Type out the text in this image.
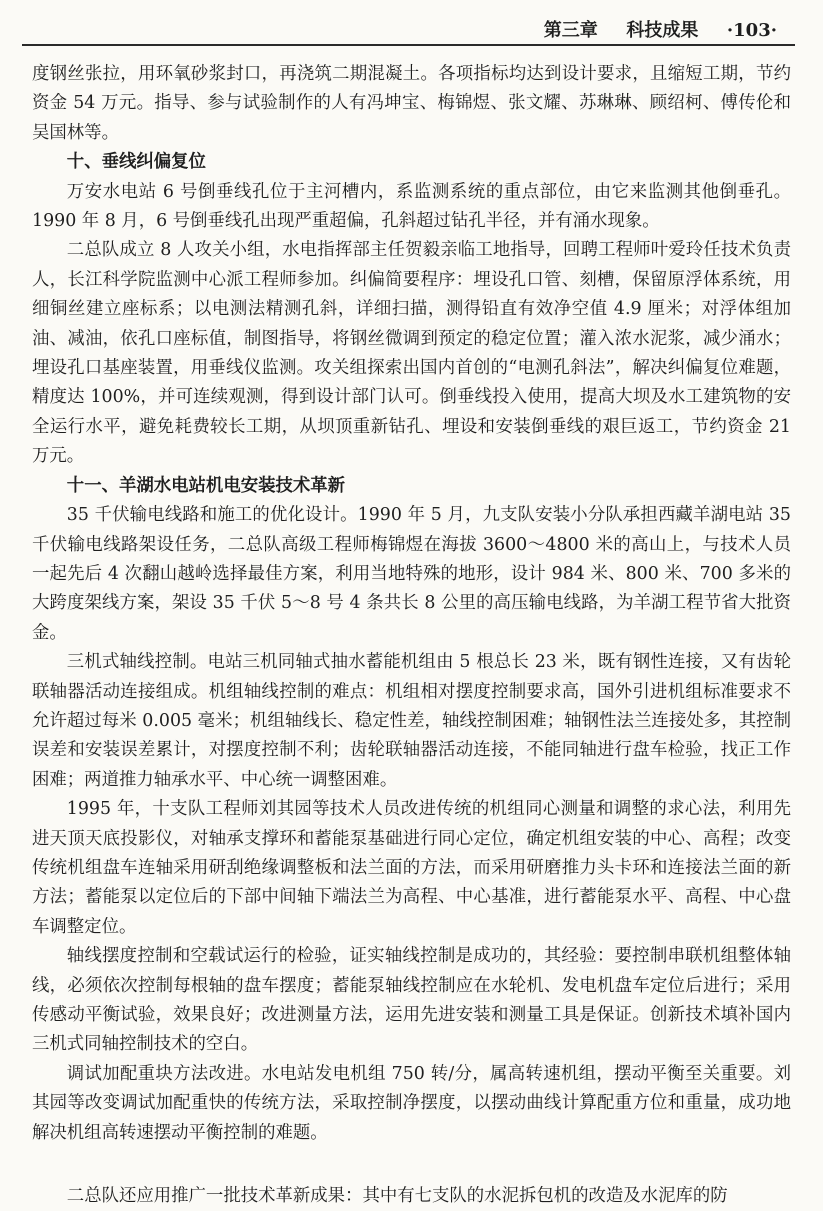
第三章 科技成果 ·103·

度钢丝张拉，用环氧砂浆封口，再浇筑二期混凝土。各项指标均达到设计要求，且缩短工期，节约资金 54 万元。指导、参与试验制作的人有冯坤宝、梅锦煜、张文耀、苏琳琳、顾绍柯、傅传伦和吴国林等。

十、垂线纠偏复位

万安水电站 6 号倒垂线孔位于主河槽内，系监测系统的重点部位，由它来监测其他倒垂孔。1990 年 8 月，6 号倒垂线孔出现严重超偏，孔斜超过钻孔半径，并有涌水现象。

二总队成立 8 人攻关小组，水电指挥部主任贺毅亲临工地指导，回聘工程师叶爱玲任技术负责人，长江科学院监测中心派工程师参加。纠偏简要程序：埋设孔口管、刻槽，保留原浮体系统，用细铜丝建立座标系；以电测法精测孔斜，详细扫描，测得铅直有效净空值 4.9 厘米；对浮体组加油、减油，依孔口座标值，制图指导，将钢丝微调到预定的稳定位置；灌入浓水泥浆，减少涌水；埋设孔口基座装置，用垂线仪监测。攻关组探索出国内首创的“电测孔斜法”，解决纠偏复位难题，精度达 100%，并可连续观测，得到设计部门认可。倒垂线投入使用，提高大坝及水工建筑物的安全运行水平，避免耗费较长工期，从坝顶重新钻孔、埋设和安装倒垂线的艰巨返工，节约资金 21 万元。

十一、羊湖水电站机电安装技术革新

35 千伏输电线路和施工的优化设计。1990 年 5 月，九支队安装小分队承担西藏羊湖电站 35 千伏输电线路架设任务，二总队高级工程师梅锦煜在海拔 3600～4800 米的高山上，与技术人员一起先后 4 次翻山越岭选择最佳方案，利用当地特殊的地形，设计 984 米、800 米、700 多米的大跨度架线方案，架设 35 千伏 5～8 号 4 条共长 8 公里的高压输电线路，为羊湖工程节省大批资金。

三机式轴线控制。电站三机同轴式抽水蓄能机组由 5 根总长 23 米，既有钢性连接，又有齿轮联轴器活动连接组成。机组轴线控制的难点：机组相对摆度控制要求高，国外引进机组标准要求不允许超过每米 0.005 毫米；机组轴线长、稳定性差，轴线控制困难；轴钢性法兰连接处多，其控制误差和安装误差累计，对摆度控制不利；齿轮联轴器活动连接，不能同轴进行盘车检验，找正工作困难；两道推力轴承水平、中心统一调整困难。

1995 年，十支队工程师刘其园等技术人员改进传统的机组同心测量和调整的求心法，利用先进天顶天底投影仪，对轴承支撑环和蓄能泵基础进行同心定位，确定机组安装的中心、高程；改变传统机组盘车连轴采用研刮绝缘调整板和法兰面的方法，而采用研磨推力头卡环和连接法兰面的新方法；蓄能泵以定位后的下部中间轴下端法兰为高程、中心基准，进行蓄能泵水平、高程、中心盘车调整定位。

轴线摆度控制和空载试运行的检验，证实轴线控制是成功的，其经验：要控制串联机组整体轴线，必须依次控制每根轴的盘车摆度；蓄能泵轴线控制应在水轮机、发电机盘车定位后进行；采用传感动平衡试验，效果良好；改进测量方法，运用先进安装和测量工具是保证。创新技术填补国内三机式同轴控制技术的空白。

调试加配重块方法改进。水电站发电机组 750 转/分，属高转速机组，摆动平衡至关重要。刘其园等改变调试加配重快的传统方法，采取控制净摆度，以摆动曲线计算配重方位和重量，成功地解决机组高转速摆动平衡控制的难题。

二总队还应用推广一批技术革新成果：其中有七支队的水泥拆包机的改造及水泥库的防
